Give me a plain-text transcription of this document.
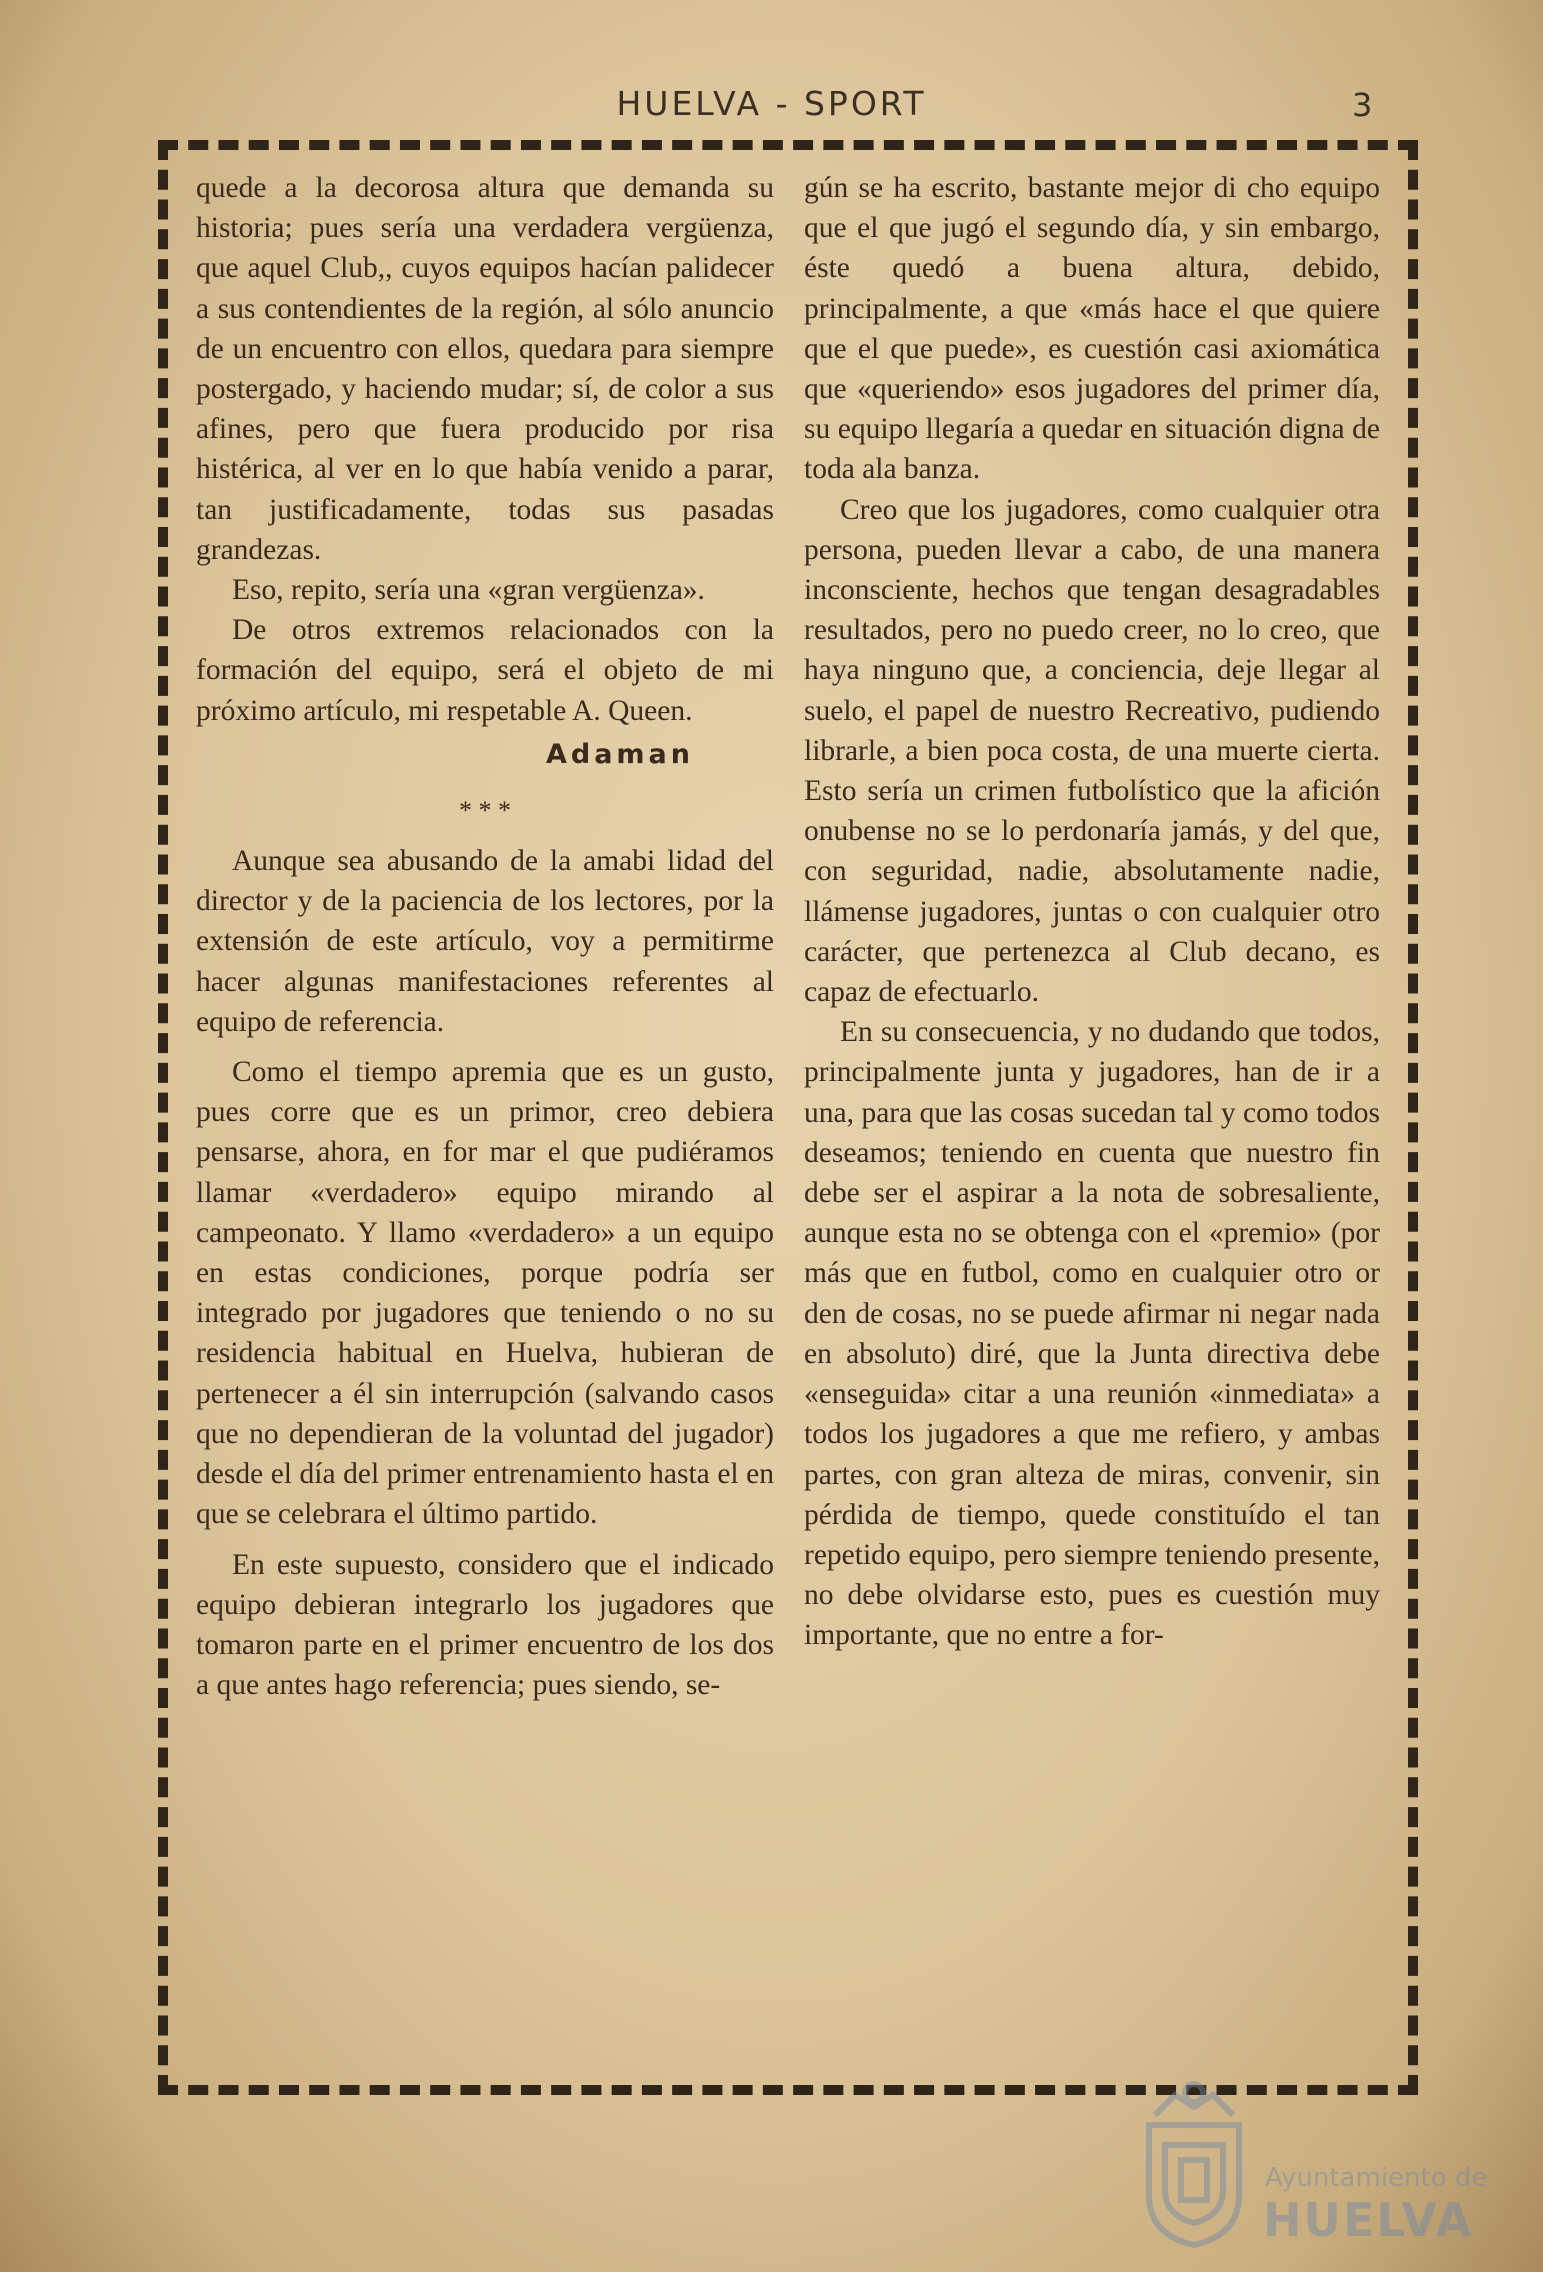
HUELVA - SPORT	3

quede a la decorosa altura que demanda su historia; pues sería una verdadera vergüenza, que aquel Club,, cuyos equipos hacían palidecer a sus contendientes de la región, al sólo anuncio de un encuentro con ellos, quedara para siempre postergado, y haciendo mudar; sí, de color a sus afines, pero que fuera producido por risa histérica, al ver en lo que había venido a parar, tan justificadamente, todas sus pasadas grandezas.

Eso, repito, sería una «gran vergüenza».

De otros extremos relacionados con la formación del equipo, será el objeto de mi próximo artículo, mi respetable A. Queen.

Adaman
* * *

Aunque sea abusando de la amabi lidad del director y de la paciencia de los lectores, por la extensión de este artículo, voy a permitirme hacer algunas manifestaciones referentes al equipo de referencia.

Como el tiempo apremia que es un gusto, pues corre que es un primor, creo debiera pensarse, ahora, en for mar el que pudiéramos llamar «verdadero» equipo mirando al campeonato. Y llamo «verdadero» a un equipo en estas condiciones, porque podría ser integrado por jugadores que teniendo o no su residencia habitual en Huelva, hubieran de pertenecer a él sin interrupción (salvando casos que no dependieran de la voluntad del jugador) desde el día del primer entrenamiento hasta el en que se celebrara el último partido.

En este supuesto, considero que el indicado equipo debieran integrarlo los jugadores que tomaron parte en el primer encuentro de los dos a que antes hago referencia; pues siendo, se-

gún se ha escrito, bastante mejor di cho equipo que el que jugó el segundo día, y sin embargo, éste quedó a buena altura, debido, principalmente, a que «más hace el que quiere que el que puede», es cuestión casi axiomática que «queriendo» esos jugadores del primer día, su equipo llegaría a quedar en situación digna de toda ala banza.

Creo que los jugadores, como cualquier otra persona, pueden llevar a cabo, de una manera inconsciente, hechos que tengan desagradables resultados, pero no puedo creer, no lo creo, que haya ninguno que, a conciencia, deje llegar al suelo, el papel de nuestro Recreativo, pudiendo librarle, a bien poca costa, de una muerte cierta. Esto sería un crimen futbolístico que la afición onubense no se lo perdonaría jamás, y del que, con seguridad, nadie, absolutamente nadie, llámense jugadores, juntas o con cualquier otro carácter, que pertenezca al Club decano, es capaz de efectuarlo.

En su consecuencia, y no dudando que todos, principalmente junta y jugadores, han de ir a una, para que las cosas sucedan tal y como todos deseamos; teniendo en cuenta que nuestro fin debe ser el aspirar a la nota de sobresaliente, aunque esta no se obtenga con el «premio» (por más que en futbol, como en cualquier otro or den de cosas, no se puede afirmar ni negar nada en absoluto) diré, que la Junta directiva debe «enseguida» citar a una reunión «inmediata» a todos los jugadores a que me refiero, y ambas partes, con gran alteza de miras, convenir, sin pérdida de tiempo, quede constituído el tan repetido equipo, pero siempre teniendo presente, no debe olvidarse esto, pues es cuestión muy importante, que no entre a for-

Ayuntamiento de
HUELVA
